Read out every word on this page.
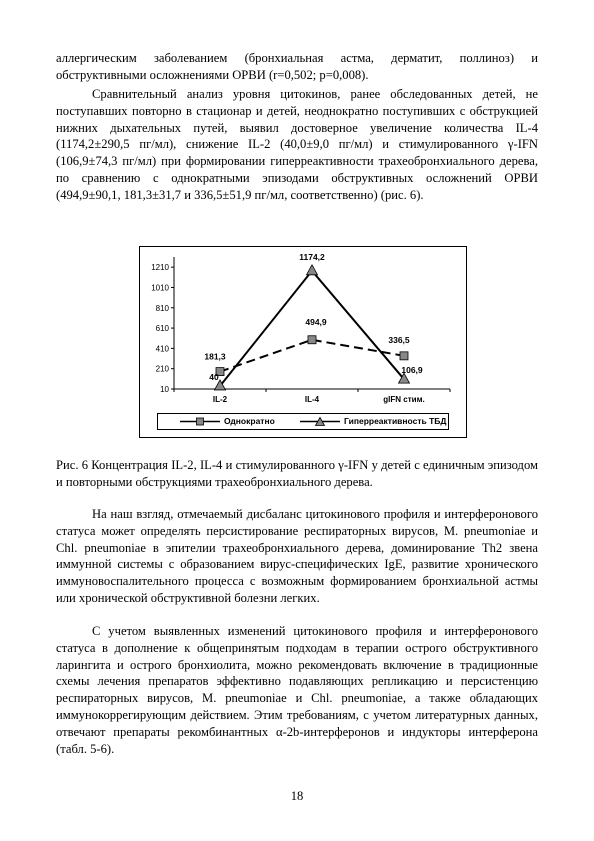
аллергическим заболеванием (бронхиальная астма, дерматит, поллиноз) и обструктивными осложнениями ОРВИ (r=0,502; p=0,008).

Сравнительный анализ уровня цитокинов, ранее обследованных детей, не поступавших повторно в стационар и детей, неоднократно поступивших с обструкцией нижних дыхательных путей, выявил достоверное увеличение количества IL-4 (1174,2±290,5 пг/мл), снижение IL-2 (40,0±9,0 пг/мл) и стимулированного γ-IFN (106,9±74,3 пг/мл) при формировании гиперреактивности трахеобронхиального дерева, по сравнению с однократными эпизодами обструктивных осложнений ОРВИ (494,9±90,1, 181,3±31,7 и 336,5±51,9 пг/мл, соответственно) (рис. 6).

10
210
410
610
810
1010
1210
IL-2	IL-4	gIFN стим.
181,3
494,9
336,5
40
1174,2
106,9
Однократно	Гиперреактивность ТБД

Рис. 6 Концентрация IL-2, IL-4 и стимулированного γ-IFN у детей с единичным эпизодом и повторными обструкциями трахеобронхиального дерева.

На наш взгляд, отмечаемый дисбаланс цитокинового профиля и интерферонового статуса может определять персистирование респираторных вирусов, M. pneumoniae и Chl. pneumoniae в эпителии трахеобронхиального дерева, доминирование Th2 звена иммунной системы с образованием вирус-специфических IgE, развитие хронического иммуновоспалительного процесса с возможным формированием бронхиальной астмы или хронической обструктивной болезни легких.

С учетом выявленных изменений цитокинового профиля и интерферонового статуса в дополнение к общепринятым подходам в терапии острого обструктивного ларингита и острого бронхиолита, можно рекомендовать включение в традиционные схемы лечения препаратов эффективно подавляющих репликацию и персистенцию респираторных вирусов, M. pneumoniae и Chl. pneumoniae, а также обладающих иммунокоррегирующим действием. Этим требованиям, с учетом литературных данных, отвечают препараты рекомбинантных α-2b-интерферонов и индукторы интерферона (табл. 5-6).

18
